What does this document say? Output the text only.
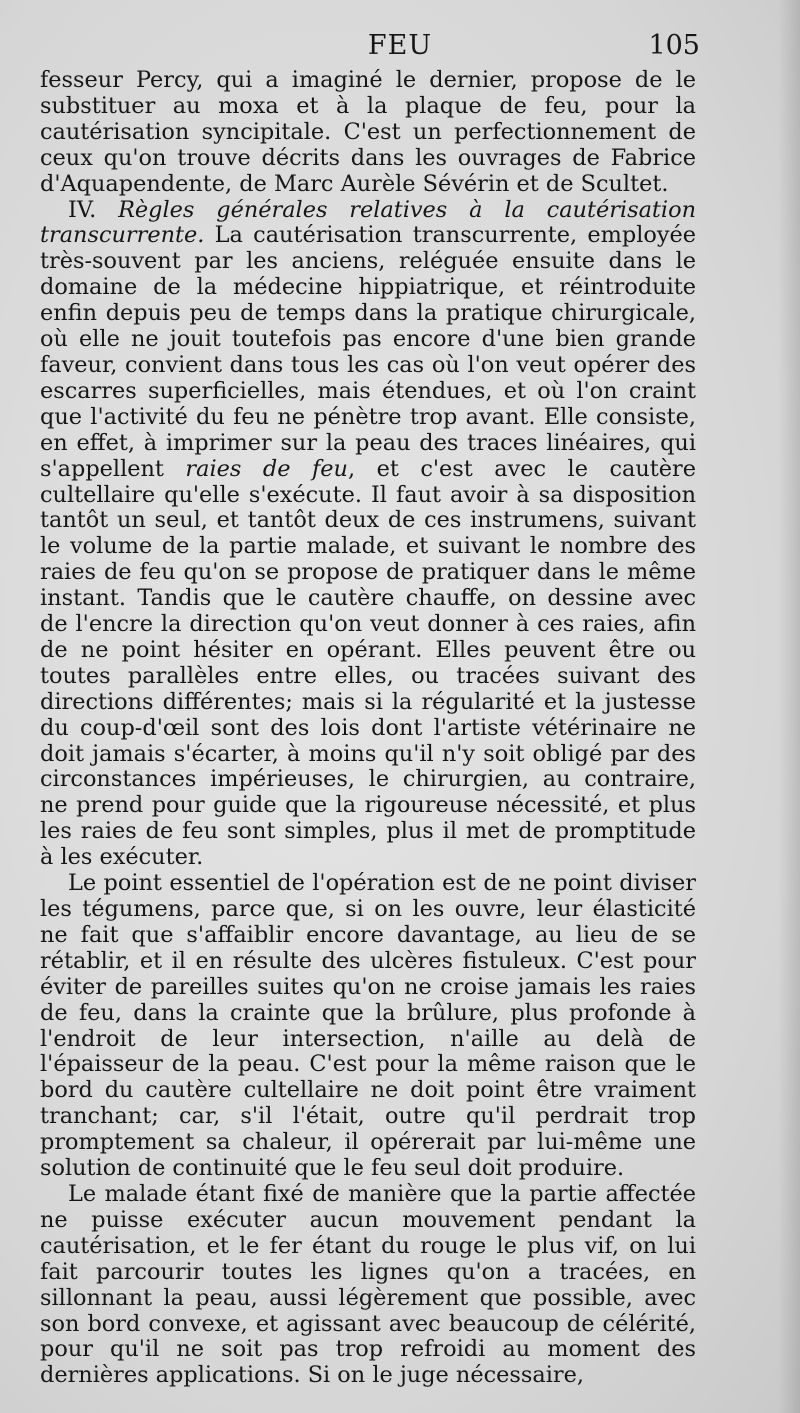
FEU	105

fesseur Percy, qui a imaginé le dernier, propose de le substituer au moxa et à la plaque de feu, pour la cautérisation syncipitale. C'est un perfectionnement de ceux qu'on trouve décrits dans les ouvrages de Fabrice d'Aquapendente, de Marc Aurèle Sévérin et de Scultet.

IV. Règles générales relatives à la cautérisation transcurrente. La cautérisation transcurrente, employée très-souvent par les anciens, reléguée ensuite dans le domaine de la médecine hippiatrique, et réintroduite enfin depuis peu de temps dans la pratique chirurgicale, où elle ne jouit toutefois pas encore d'une bien grande faveur, convient dans tous les cas où l'on veut opérer des escarres superficielles, mais étendues, et où l'on craint que l'activité du feu ne pénètre trop avant. Elle consiste, en effet, à imprimer sur la peau des traces linéaires, qui s'appellent raies de feu, et c'est avec le cautère cultellaire qu'elle s'exécute. Il faut avoir à sa disposition tantôt un seul, et tantôt deux de ces instrumens, suivant le volume de la partie malade, et suivant le nombre des raies de feu qu'on se propose de pratiquer dans le même instant. Tandis que le cautère chauffe, on dessine avec de l'encre la direction qu'on veut donner à ces raies, afin de ne point hésiter en opérant. Elles peuvent être ou toutes parallèles entre elles, ou tracées suivant des directions différentes; mais si la régularité et la justesse du coup-d'œil sont des lois dont l'artiste vétérinaire ne doit jamais s'écarter, à moins qu'il n'y soit obligé par des circonstances impérieuses, le chirurgien, au contraire, ne prend pour guide que la rigoureuse nécessité, et plus les raies de feu sont simples, plus il met de promptitude à les exécuter.

Le point essentiel de l'opération est de ne point diviser les tégumens, parce que, si on les ouvre, leur élasticité ne fait que s'affaiblir encore davantage, au lieu de se rétablir, et il en résulte des ulcères fistuleux. C'est pour éviter de pareilles suites qu'on ne croise jamais les raies de feu, dans la crainte que la brûlure, plus profonde à l'endroit de leur intersection, n'aille au delà de l'épaisseur de la peau. C'est pour la même raison que le bord du cautère cultellaire ne doit point être vraiment tranchant; car, s'il l'était, outre qu'il perdrait trop promptement sa chaleur, il opérerait par lui-même une solution de continuité que le feu seul doit produire.

Le malade étant fixé de manière que la partie affectée ne puisse exécuter aucun mouvement pendant la cautérisation, et le fer étant du rouge le plus vif, on lui fait parcourir toutes les lignes qu'on a tracées, en sillonnant la peau, aussi légèrement que possible, avec son bord convexe, et agissant avec beaucoup de célérité, pour qu'il ne soit pas trop refroidi au moment des dernières applications. Si on le juge nécessaire,
